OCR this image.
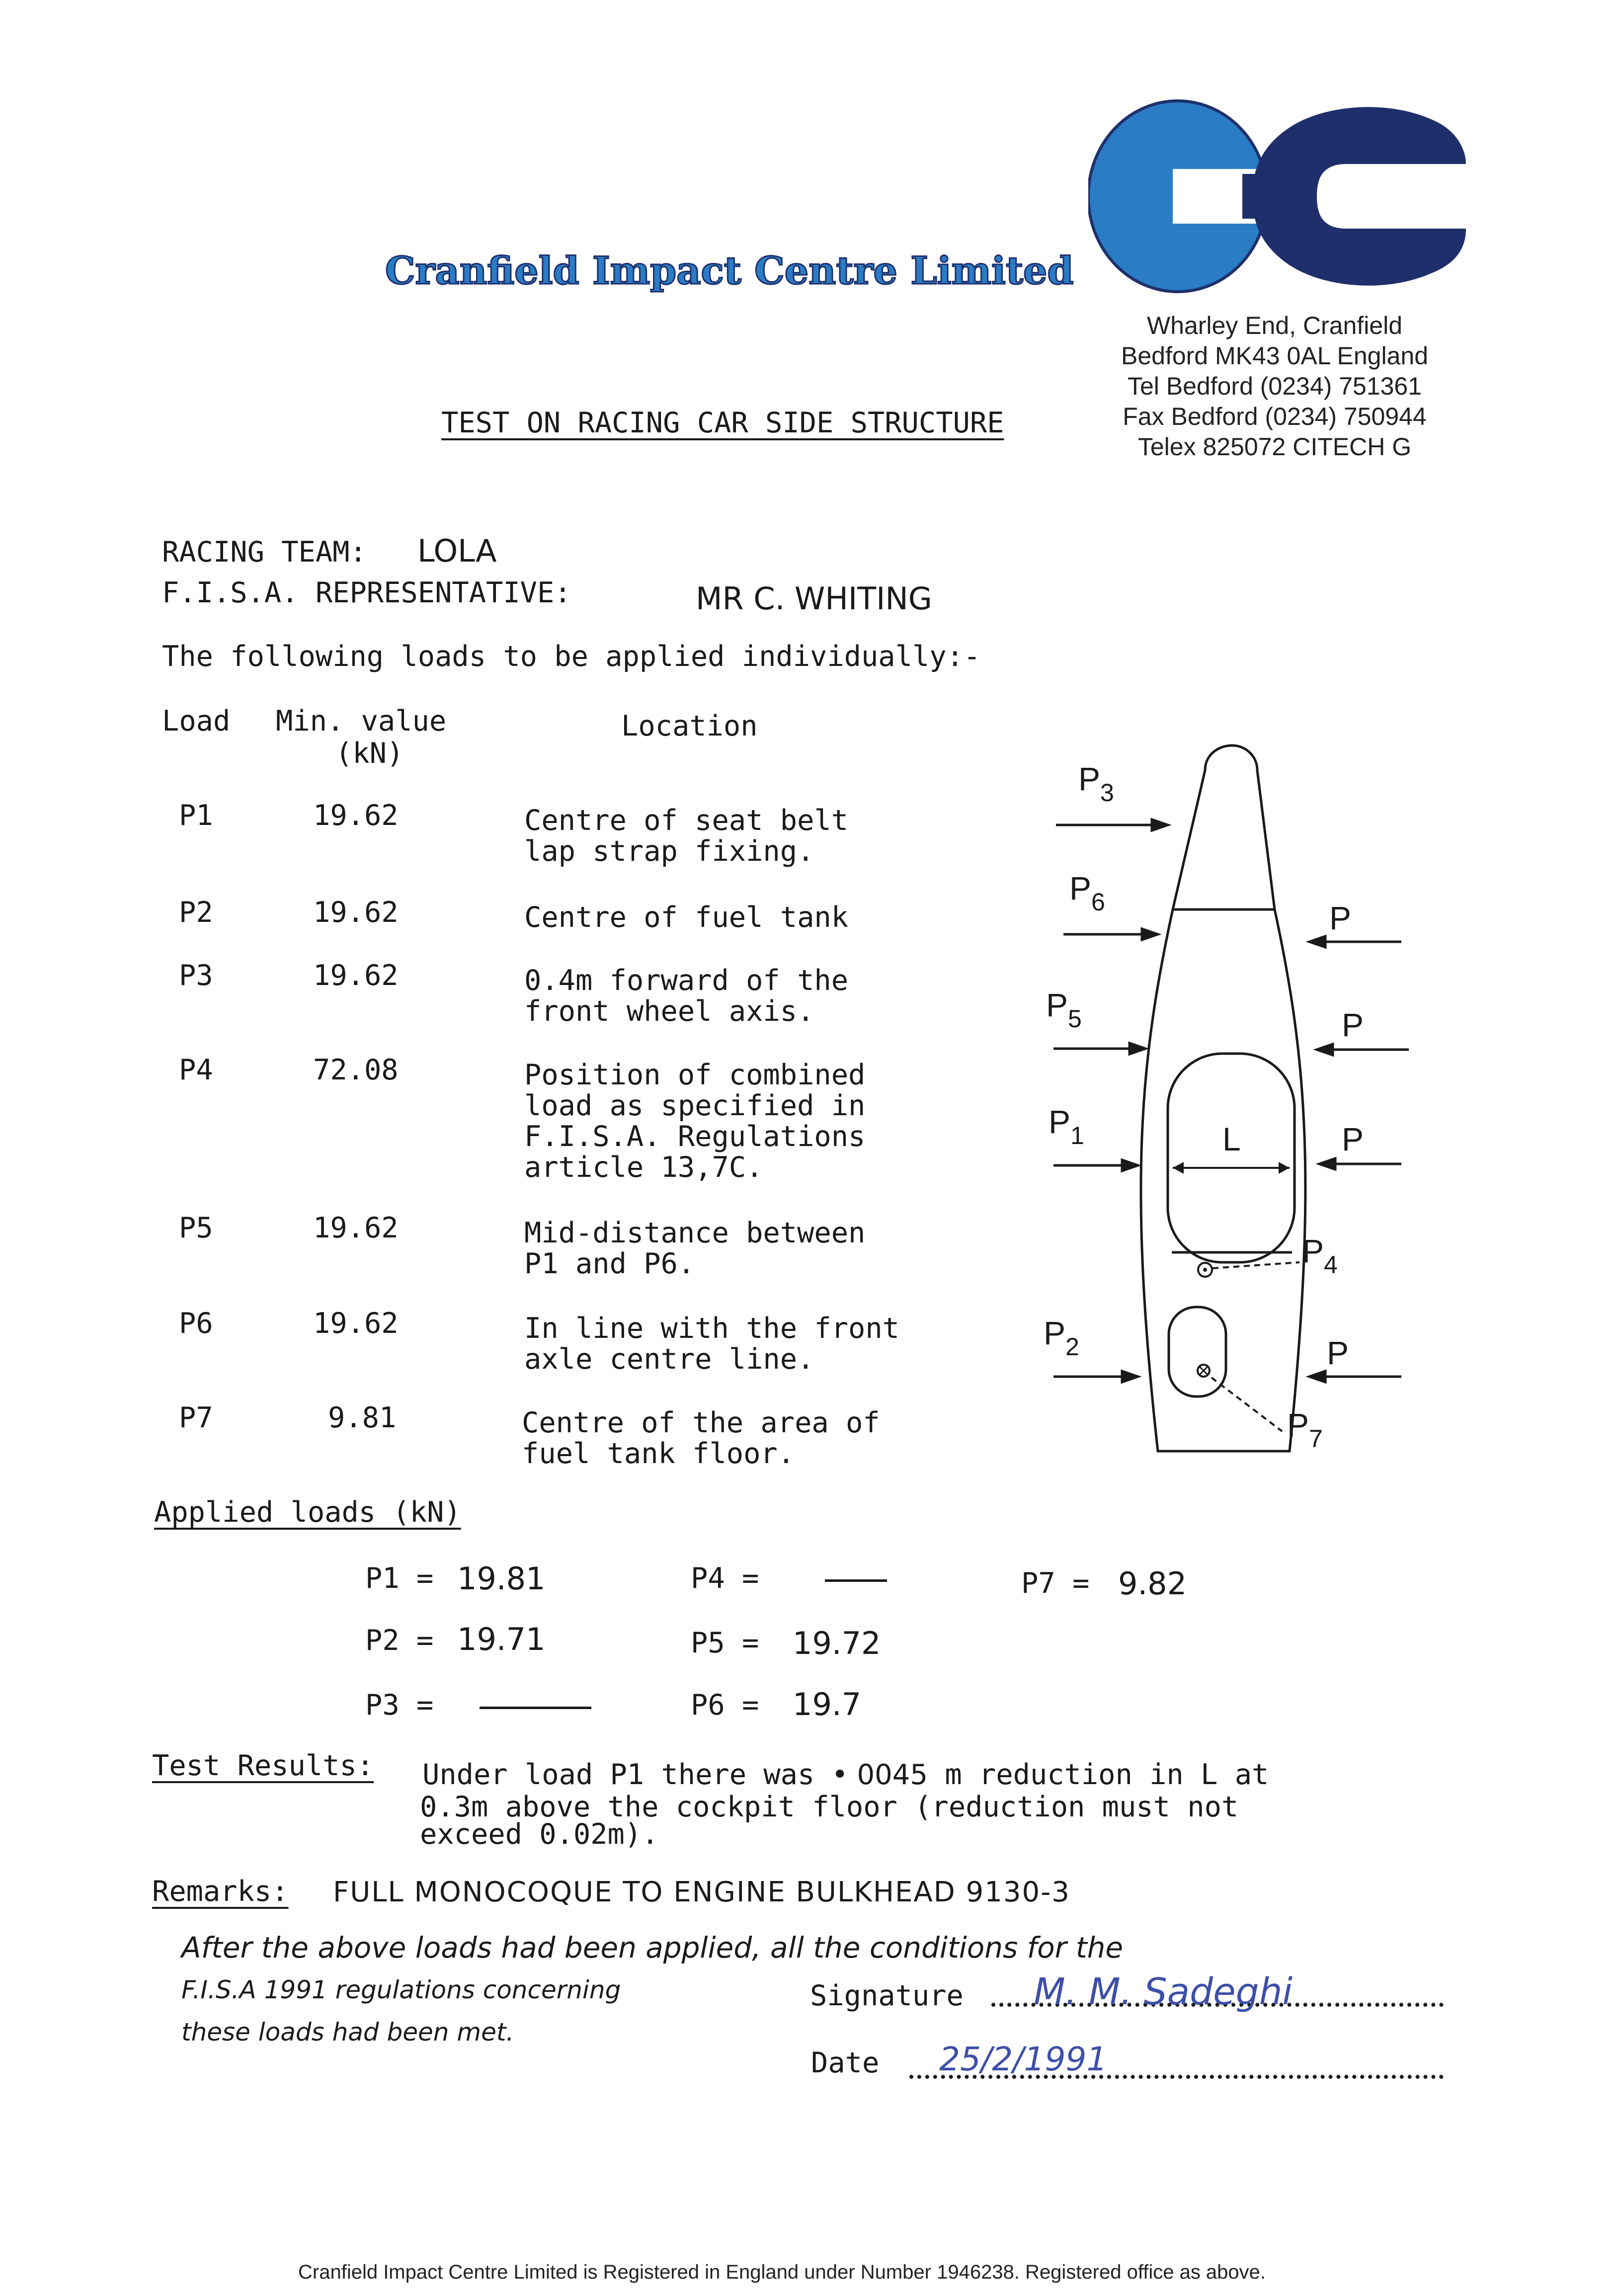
Cranfield Impact Centre Limited
Wharley End, Cranfield
Bedford MK43 0AL England
Tel Bedford (0234) 751361
Fax Bedford (0234) 750944
Telex 825072 CITECH G
TEST ON RACING CAR SIDE STRUCTURE
RACING TEAM: LOLA
F.I.S.A. REPRESENTATIVE:	MR C. WHITING
The following loads to be applied individually:-
Load Min. value
(kN)
Location
P1	19.62	Centre of seat belt
lap strap fixing.
P2	19.62	Centre of fuel tank
P3	19.62	0.4m forward of the
front wheel axis.
P4	72.08	Position of combined
load as specified in
F.I.S.A. Regulations
article 13,7C.
P5	19.62	Mid-distance between
P1 and P6.
P6	19.62	In line with the front
axle centre line.
P7	9.81	Centre of the area of
fuel tank floor.
$P_3$
$P_6$
$P_5$
$P_1$
$P_2$
$P_4$
$P_7$
L
P
P
P
P
Applied loads (kN)
P1 = 19.81
P2 = 19.71
P3 =
P4 =
P5 = 19.72
P6 = 19.7
P7 = 9.82
Test Results: Under load P1 there was • 0045 m reduction in L at
0.3m above the cockpit floor (reduction must not
exceed 0.02m).
Remarks: FULL MONOCOQUE TO ENGINE BULKHEAD 9130-3
After the above loads had been applied, all the conditions for the
F.I.S.A 1991 regulations concerning
these loads had been met.
Signature M. M. Sadeghi
Date 25/2/1991
Cranfield Impact Centre Limited is Registered in England under Number 1946238. Registered office as above.
